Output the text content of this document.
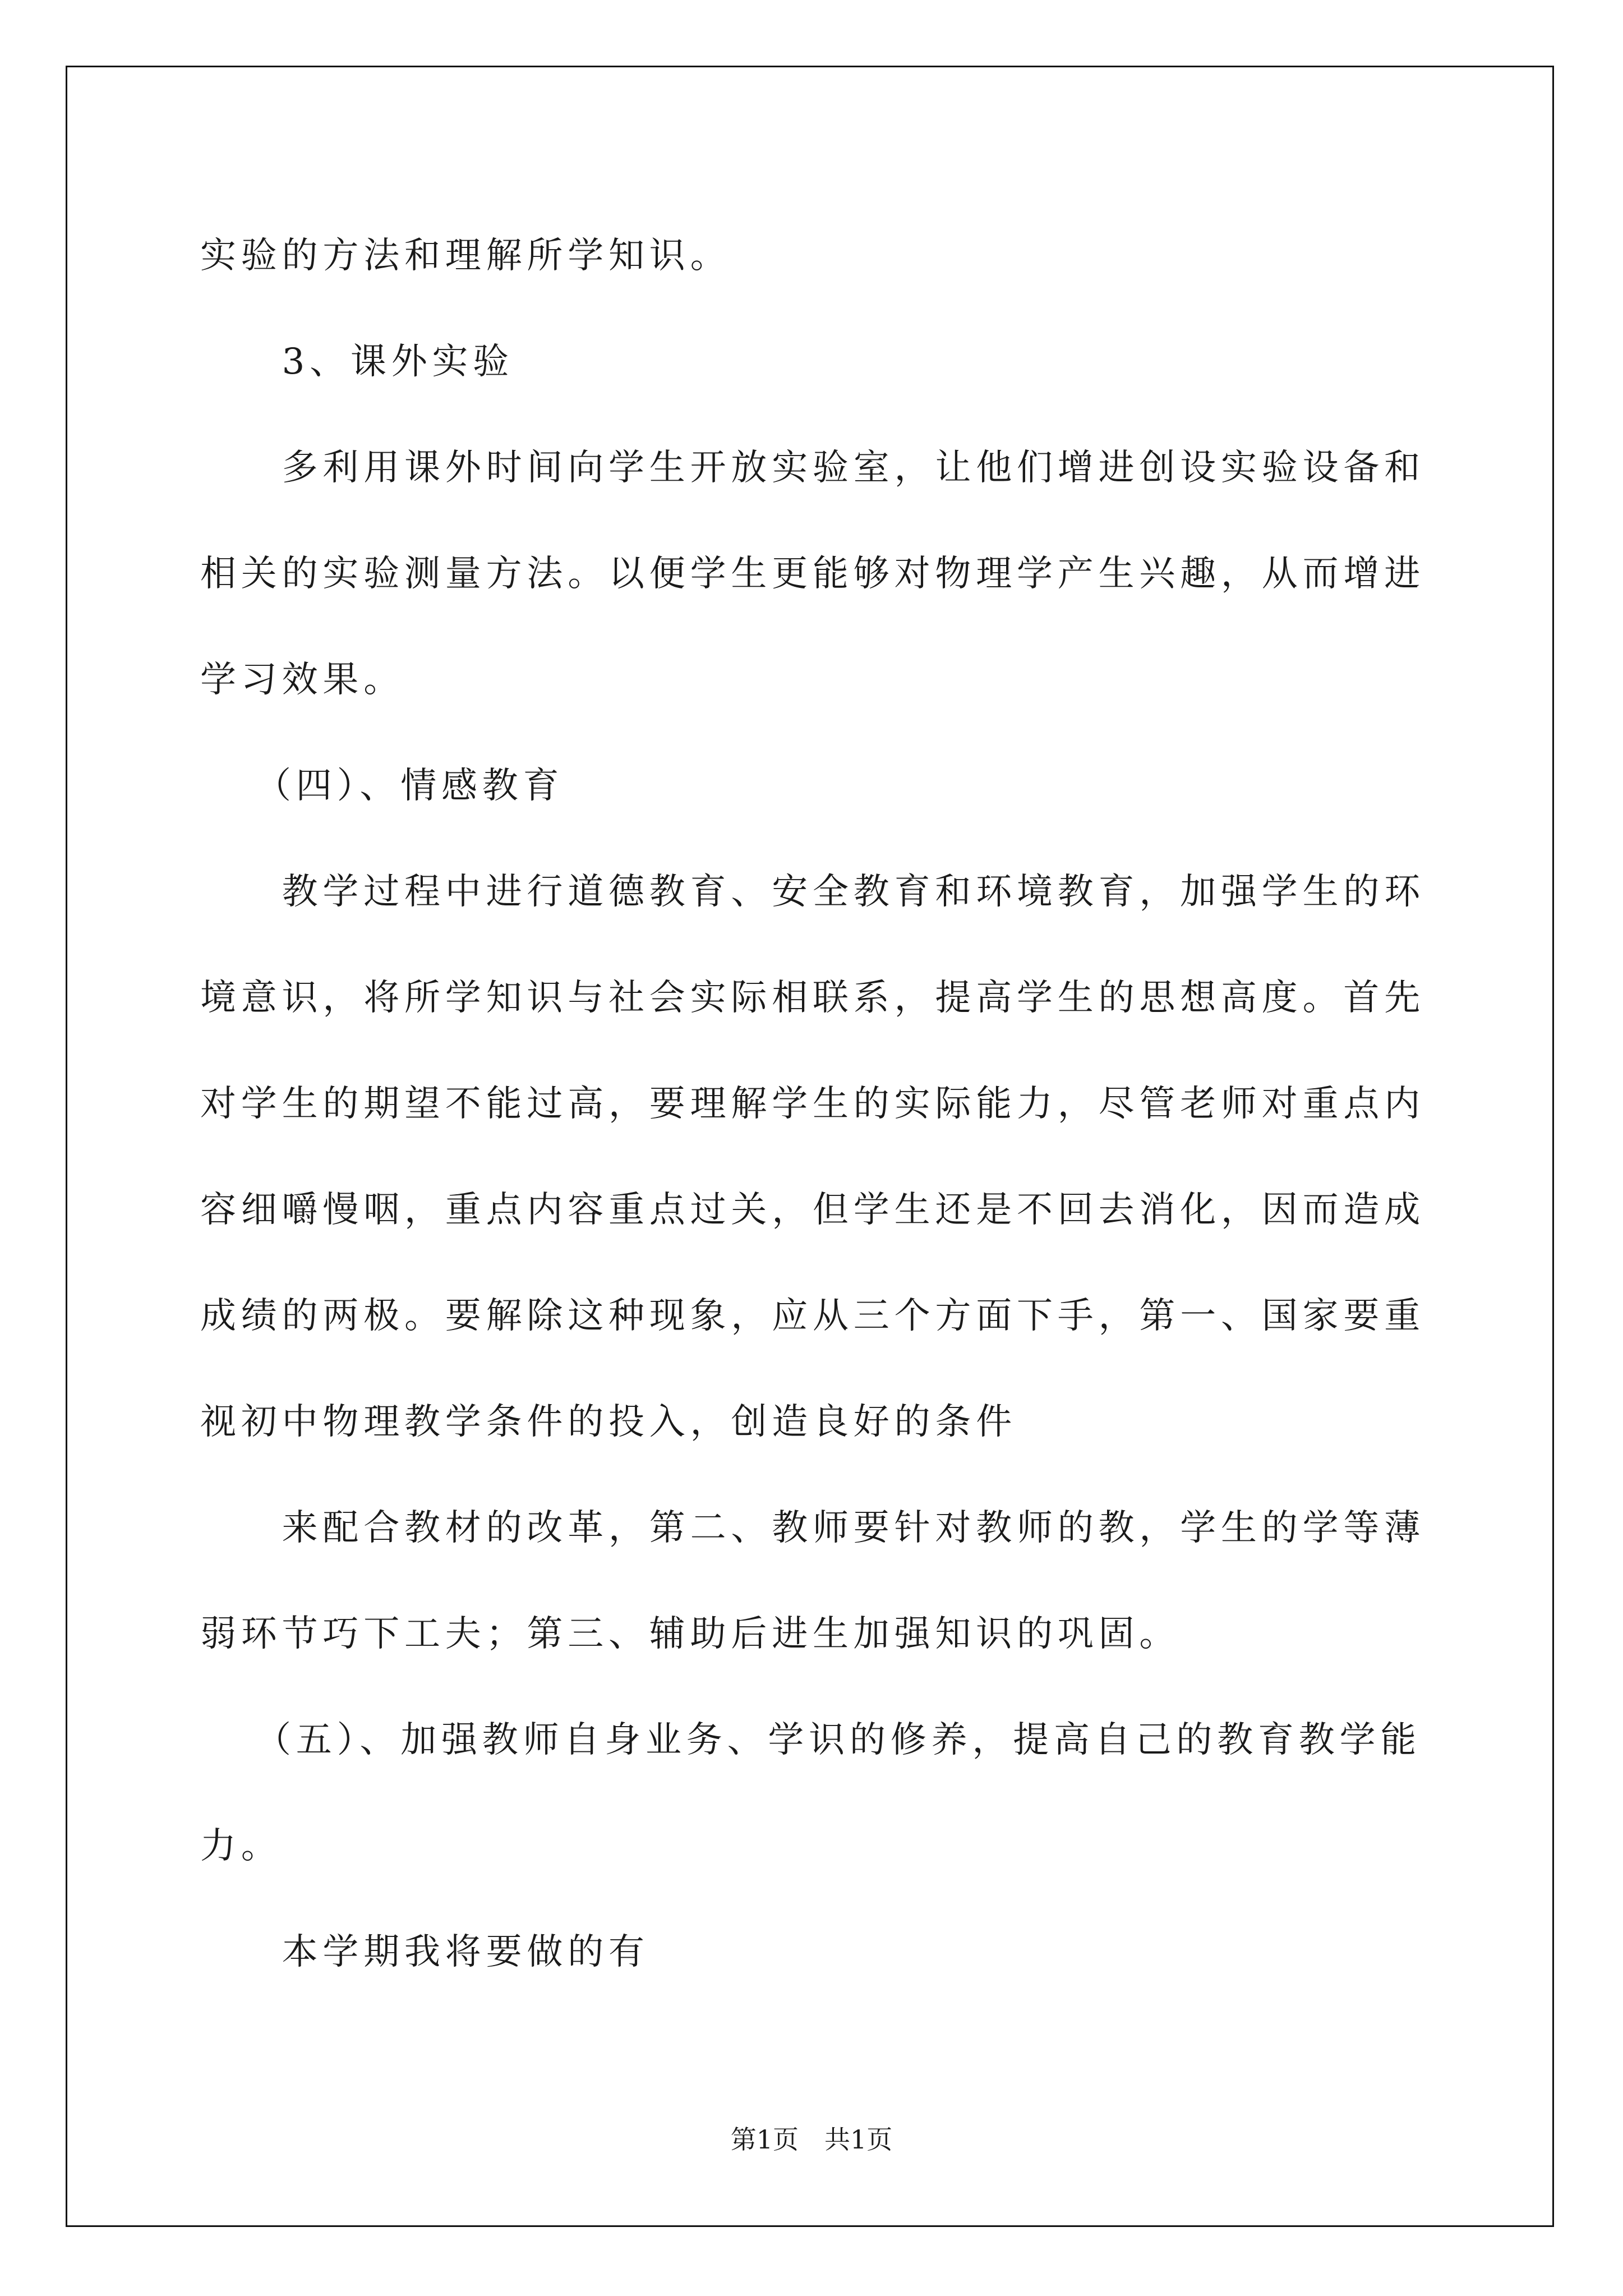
实验的方法和理解所学知识。
3、课外实验
多利用课外时间向学生开放实验室，让他们增进创设实验设备和
相关的实验测量方法。以便学生更能够对物理学产生兴趣，从而增进
学习效果。
（四）、情感教育
教学过程中进行道德教育、安全教育和环境教育，加强学生的环
境意识，将所学知识与社会实际相联系，提高学生的思想高度。首先
对学生的期望不能过高，要理解学生的实际能力，尽管老师对重点内
容细嚼慢咽，重点内容重点过关，但学生还是不回去消化，因而造成
成绩的两极。要解除这种现象，应从三个方面下手，第一、国家要重
视初中物理教学条件的投入，创造良好的条件
来配合教材的改革，第二、教师要针对教师的教，学生的学等薄
弱环节巧下工夫；第三、辅助后进生加强知识的巩固。
（五）、加强教师自身业务、学识的修养，提高自己的教育教学能
力。
本学期我将要做的有
第1页 共1页
